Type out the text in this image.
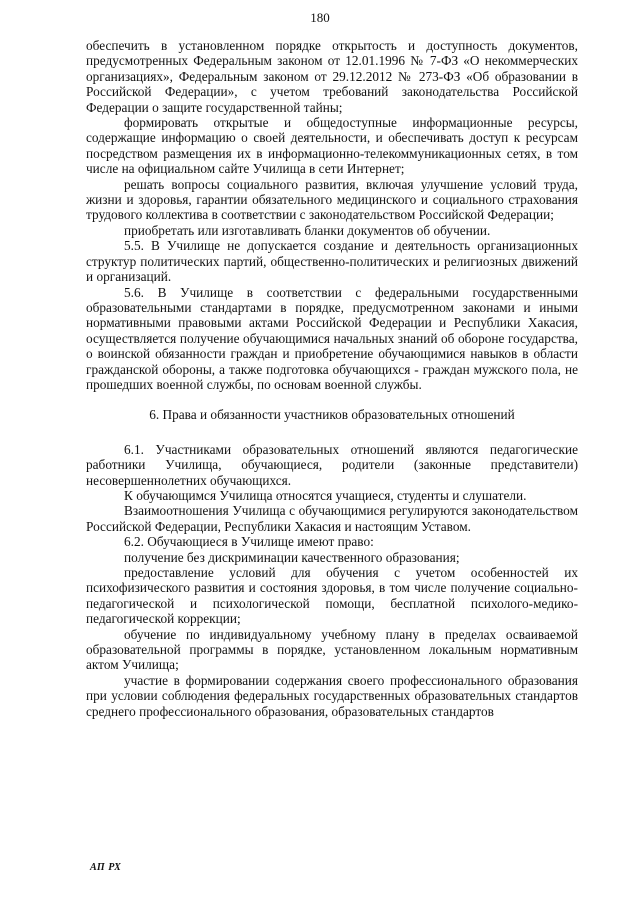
180

обеспечить в установленном порядке открытость и доступность документов, предусмотренных Федеральным законом от 12.01.1996 № 7-ФЗ «О некоммерческих организациях», Федеральным законом от 29.12.2012 № 273-ФЗ «Об образовании в Российской Федерации», с учетом требований законодательства Российской Федерации о защите государственной тайны;

формировать открытые и общедоступные информационные ресурсы, содержащие информацию о своей деятельности, и обеспечивать доступ к ресурсам посредством размещения их в информационно-телекоммуникационных сетях, в том числе на официальном сайте Училища в сети Интернет;

решать вопросы социального развития, включая улучшение условий труда, жизни и здоровья, гарантии обязательного медицинского и социального страхования трудового коллектива в соответствии с законодательством Российской Федерации;

приобретать или изготавливать бланки документов об обучении.

5.5. В Училище не допускается создание и деятельность организационных структур политических партий, общественно-политических и религиозных движений и организаций.

5.6. В Училище в соответствии с федеральными государственными образовательными стандартами в порядке, предусмотренном законами и иными нормативными правовыми актами Российской Федерации и Республики Хакасия, осуществляется получение обучающимися начальных знаний об обороне государства, о воинской обязанности граждан и приобретение обучающимися навыков в области гражданской обороны, а также подготовка обучающихся - граждан мужского пола, не прошедших военной службы, по основам военной службы.

6. Права и обязанности участников образовательных отношений

6.1. Участниками образовательных отношений являются педагогические работники Училища, обучающиеся, родители (законные представители) несовершеннолетних обучающихся.

К обучающимся Училища относятся учащиеся, студенты и слушатели.

Взаимоотношения Училища с обучающимися регулируются законодательством Российской Федерации, Республики Хакасия и настоящим Уставом.

6.2. Обучающиеся в Училище имеют право:

получение без дискриминации качественного образования;

предоставление условий для обучения с учетом особенностей их психофизического развития и состояния здоровья, в том числе получение социально-педагогической и психологической помощи, бесплатной психолого-медико-педагогической коррекции;

обучение по индивидуальному учебному плану в пределах осваиваемой образовательной программы в порядке, установленном локальным нормативным актом Училища;

участие в формировании содержания своего профессионального образования при условии соблюдения федеральных государственных образовательных стандартов среднего профессионального образования, образовательных стандартов

АП РХ
